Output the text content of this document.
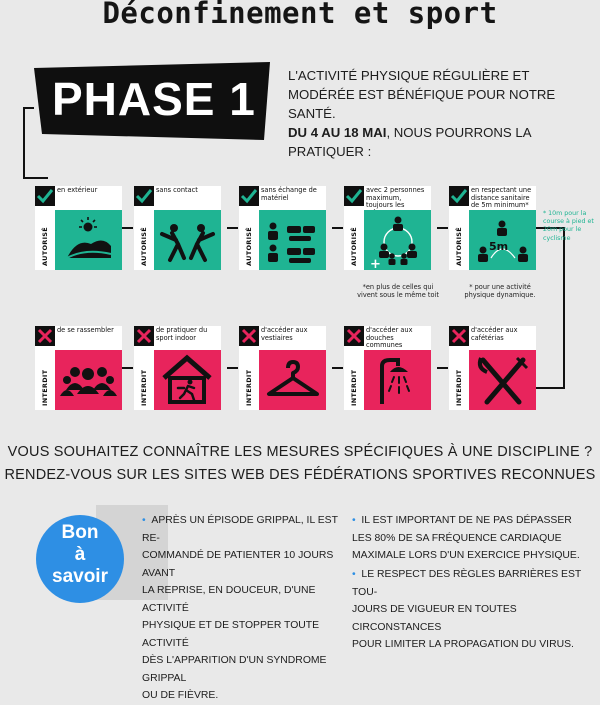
Déconfinement et sport
PHASE 1 L'ACTIVITÉ PHYSIQUE RÉGULIÈRE ET
MODÉRÉE EST BÉNÉFIQUE POUR NOTRE SANTÉ.
DU 4 AU 18 MAI, NOUS POURRONS LA
PRATIQUER :
en extérieur
AUTORISÉ
sans contact
AUTORISÉ
sans échange de matériel
AUTORISÉ
avec 2 personnes maximum, toujours les
AUTORISÉ +
*en plus de celles qui vivent sous le même toit
en respectant une distance sanitaire de 5m minimum*
AUTORISÉ 5m
* pour une activité physique dynamique.
* 10m pour la course à pied et 20m pour le cyclisme
de se rassembler
INTERDIT
de pratiquer du sport indoor
INTERDIT
d'accéder aux vestiaires
INTERDIT
d'accéder aux douches communes
INTERDIT
d'accéder aux cafétérias
INTERDIT
VOUS SOUHAITEZ CONNAÎTRE LES MESURES SPÉCIFIQUES À UNE DISCIPLINE ?
RENDEZ-VOUS SUR LES SITES WEB DES FÉDÉRATIONS SPORTIVES RECONNUES
Bon
à
savoir
•  APRÈS UN ÉPISODE GRIPPAL, IL EST RE-
COMMANDÉ DE PATIENTER 10 JOURS AVANT
LA REPRISE, EN DOUCEUR, D'UNE ACTIVITÉ
PHYSIQUE ET DE STOPPER TOUTE ACTIVITÉ
DÈS L'APPARITION D'UN SYNDROME GRIPPAL
OU DE FIÈVRE.
•  IL EST IMPORTANT DE NE PAS DÉPASSER
LES 80% DE SA FRÉQUENCE CARDIAQUE
MAXIMALE LORS D'UN EXERCICE PHYSIQUE.
•  LE RESPECT DES RÈGLES BARRIÈRES EST TOU-
JOURS DE VIGUEUR EN TOUTES CIRCONSTANCES
POUR LIMITER LA PROPAGATION DU VIRUS.
